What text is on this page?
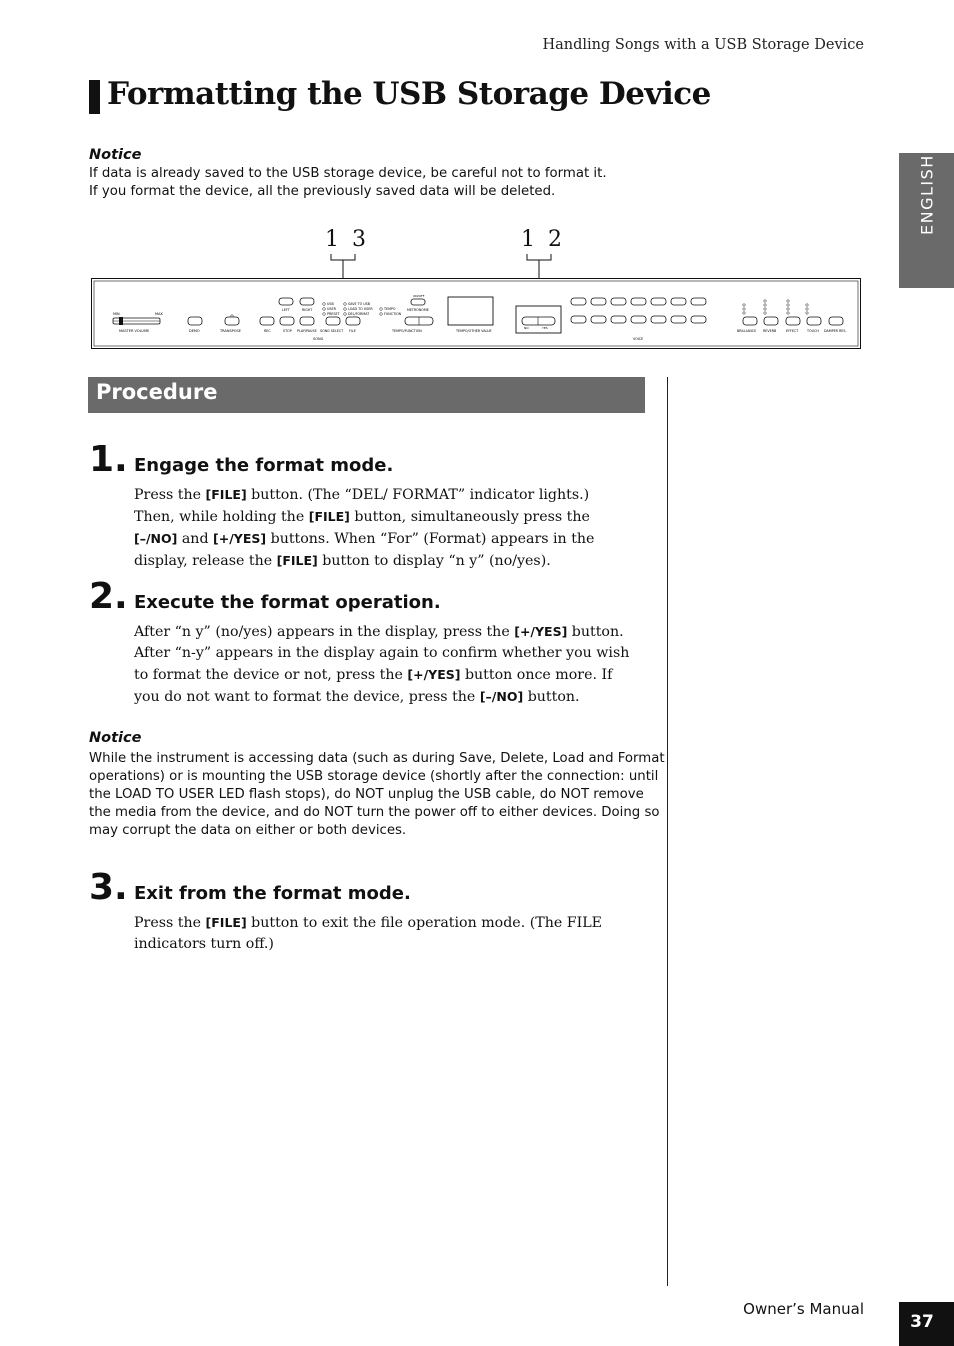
Handling Songs with a USB Storage Device
Formatting the USB Storage Device
Notice
If data is already saved to the USB storage device, be careful not to format it.
If you format the device, all the previously saved data will be deleted.	ENGLISH
1 3	1 2
MIN	MAX
MASTER VOLUME	DEMO	TRANSPOSE
LEFT	RIGHT
REC	STOP PLAY/PAUSE
USB
USER
PRESET
SONG SELECT
SAVE TO USB
LOAD TO USER
DEL/FORMAT
FILE
SONG
TEMPO
FUNCTION
ON/OFF
METRONOME
TEMPO/FUNCTION	TEMPO/OTHER VALUE
NO	YES
VOICE
BRILLIANCE REVERB	EFFECT	TOUCH DAMPER RES.
Procedure
1. Engage the format mode.

Press the [FILE] button. (The “DEL/ FORMAT” indicator lights.) Then, while holding the [FILE] button, simultaneously press the [–/NO] and [+/YES] buttons. When “For” (Format) appears in the display, release the [FILE] button to display “n y” (no/yes).

2. Execute the format operation.

After “n y” (no/yes) appears in the display, press the [+/YES] button. After “n-y” appears in the display again to confirm whether you wish to format the device or not, press the [+/YES] button once more. If you do not want to format the device, press the [–/NO] button.

Notice
While the instrument is accessing data (such as during Save, Delete, Load and Format
operations) or is mounting the USB storage device (shortly after the connection: until
the LOAD TO USER LED flash stops), do NOT unplug the USB cable, do NOT remove
the media from the device, and do NOT turn the power off to either devices. Doing so
may corrupt the data on either or both devices.
3. Exit from the format mode.

Press the [FILE] button to exit the file operation mode. (The FILE indicators turn off.)

Owner’s Manual
37
